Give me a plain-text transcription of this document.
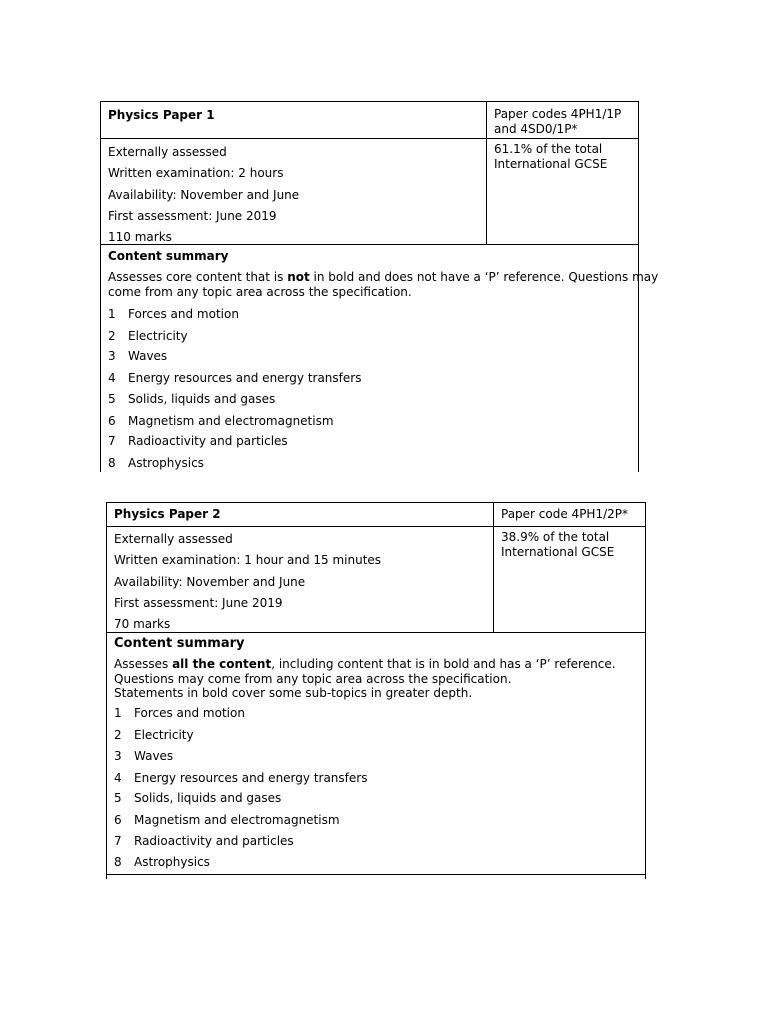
Physics Paper 1	Paper codes 4PH1/1P
and 4SD0/1P*
Externally assessed
Written examination: 2 hours
Availability: November and June
First assessment: June 2019
110 marks
61.1% of the total
International GCSE
Content summary
Assesses core content that is not in bold and does not have a ‘P’ reference. Questions may
come from any topic area across the specification.
1 Forces and motion
2 Electricity
3 Waves
4 Energy resources and energy transfers
5 Solids, liquids and gases
6 Magnetism and electromagnetism
7 Radioactivity and particles
8 Astrophysics
Physics Paper 2	Paper code 4PH1/2P*
Externally assessed
Written examination: 1 hour and 15 minutes
Availability: November and June
First assessment: June 2019
70 marks
38.9% of the total
International GCSE
Content summary
Assesses all the content, including content that is in bold and has a ‘P’ reference.
Questions may come from any topic area across the specification.
Statements in bold cover some sub-topics in greater depth.
1 Forces and motion
2 Electricity
3 Waves
4 Energy resources and energy transfers
5 Solids, liquids and gases
6 Magnetism and electromagnetism
7 Radioactivity and particles
8 Astrophysics
